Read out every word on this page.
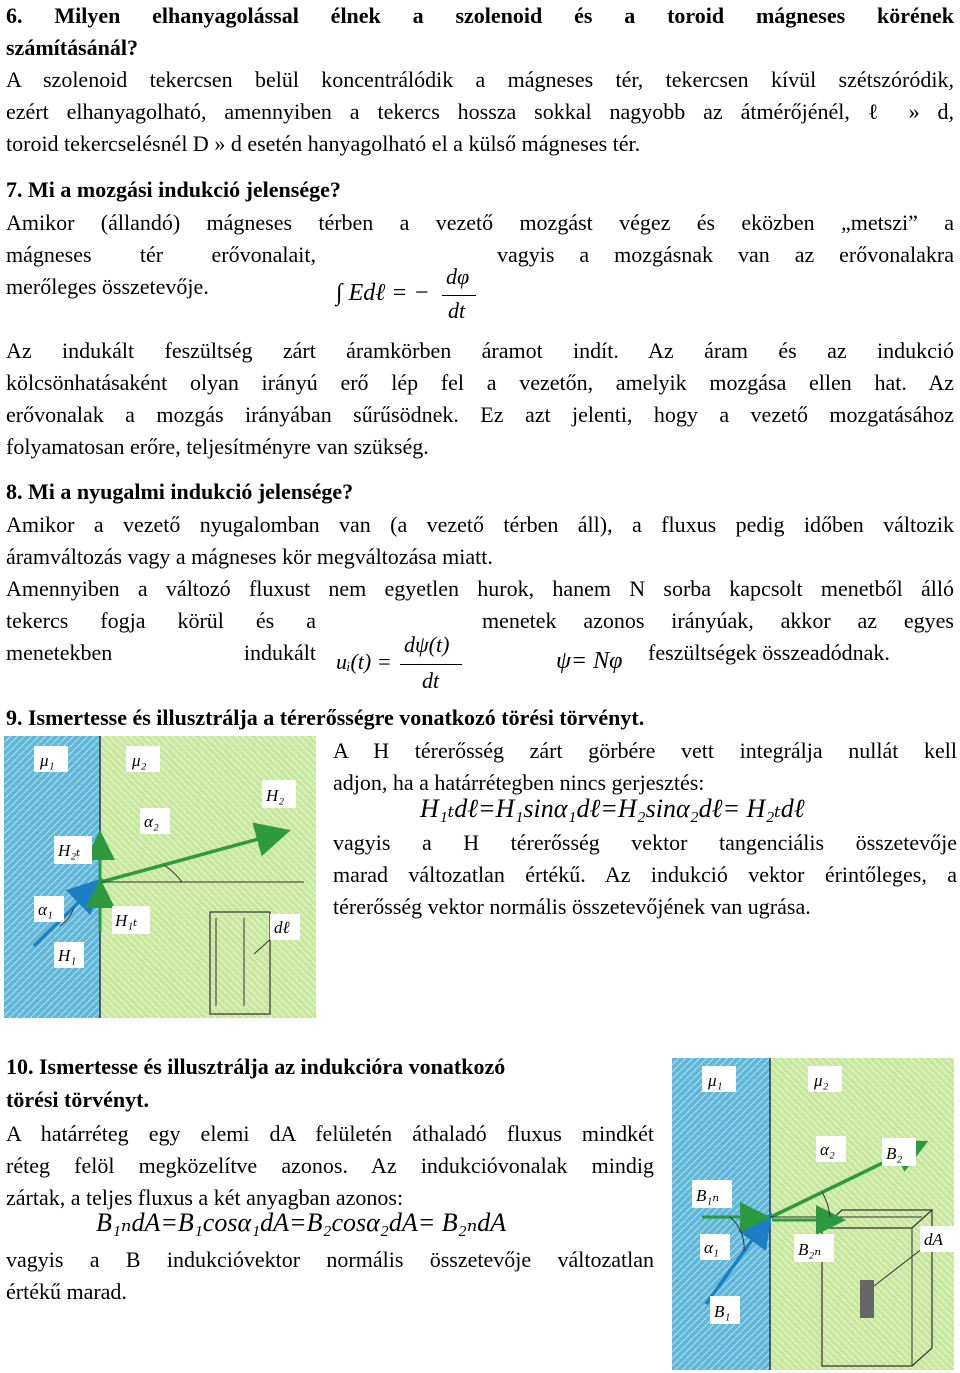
6. Milyen elhanyagolással élnek a szolenoid és a toroid mágneses körének
számításánál?
A szolenoid tekercsen belül koncentrálódik a mágneses tér, tekercsen kívül szétszóródik,
ezért elhanyagolható, amennyiben a tekercs hossza sokkal nagyobb az átmérőjénél, ℓ » d,
toroid tekercselésnél D » d esetén hanyagolható el a külső mágneses tér.
7. Mi a mozgási indukció jelensége?
Amikor (állandó) mágneses térben a vezető mozgást végez és eközben „metszi” a
mágneses tér erővonalait,	vagyis a mozgásnak van az erővonalakra
merőleges összetevője.	∫ Edℓ = −
dφ
dt
Az indukált feszültség zárt áramkörben áramot indít. Az áram és az indukció
kölcsönhatásaként olyan irányú erő lép fel a vezetőn, amelyik mozgása ellen hat. Az
erővonalak a mozgás irányában sűrűsödnek. Ez azt jelenti, hogy a vezető mozgatásához
folyamatosan erőre, teljesítményre van szükség.
8. Mi a nyugalmi indukció jelensége?
Amikor a vezető nyugalomban van (a vezető térben áll), a fluxus pedig időben változik
áramváltozás vagy a mágneses kör megváltozása miatt.
Amennyiben a változó fluxust nem egyetlen hurok, hanem N sorba kapcsolt menetből álló
tekercs fogja körül és a	menetek azonos irányúak, akkor az egyes
menetekben indukált	feszültségek összeadódnak.
uᵢ(t) =
dψ(t)
dt
ψ= Nφ
9. Ismertesse és illusztrálja a térerősségre vonatkozó törési törvényt.
μ₁	μ₂
H₂
α₂
H₂ₜ
α₁
H₁ₜ	dℓ
H₁
A H térerősség zárt görbére vett integrálja nullát kell
adjon, ha a határrétegben nincs gerjesztés:
H₁ₜdℓ=H₁sinα₁dℓ=H₂sinα₂dℓ= H₂ₜdℓ
vagyis a H térerősség vektor tangenciális összetevője
marad változatlan értékű. Az indukció vektor érintőleges, a
térerősség vektor normális összetevőjének van ugrása.
10. Ismertesse és illusztrálja az indukcióra vonatkozó
törési törvényt.
A határréteg egy elemi dA felületén áthaladó fluxus mindkét
réteg felöl megközelítve azonos. Az indukcióvonalak mindig
zártak, a teljes fluxus a két anyagban azonos:
B₁ₙdA=B₁cosα₁dA=B₂cosα₂dA= B₂ₙdA
vagyis a B indukcióvektor normális összetevője változatlan
értékű marad.
μ₁	μ₂
α₂	B₂
B₁ₙ
dA
α₁	B₂ₙ
B₁
